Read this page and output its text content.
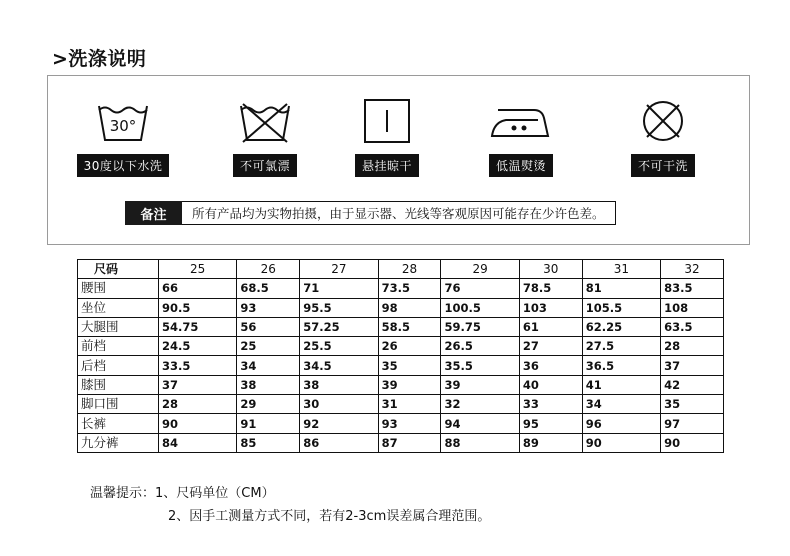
>洗涤说明
30°
30度以下水洗	不可氯漂	悬挂晾干	低温熨烫	不可干洗
备注	所有产品均为实物拍摄，由于显示器、光线等客观原因可能存在少许色差。
尺码	25	26	27	28	29	30	31	32
腰围	66	68.5	71	73.5	76	78.5	81	83.5
坐位	90.5	93	95.5	98	100.5	103	105.5	108
大腿围	54.75	56	57.25	58.5	59.75	61	62.25	63.5
前档	24.5	25	25.5	26	26.5	27	27.5	28
后档	33.5	34	34.5	35	35.5	36	36.5	37
膝围	37	38	38	39	39	40	41	42
脚口围	28	29	30	31	32	33	34	35
长裤	90	91	92	93	94	95	96	97
九分裤	84	85	86	87	88	89	90	90
温馨提示：1、尺码单位（CM）
2、因手工测量方式不同，若有2-3cm误差属合理范围。
